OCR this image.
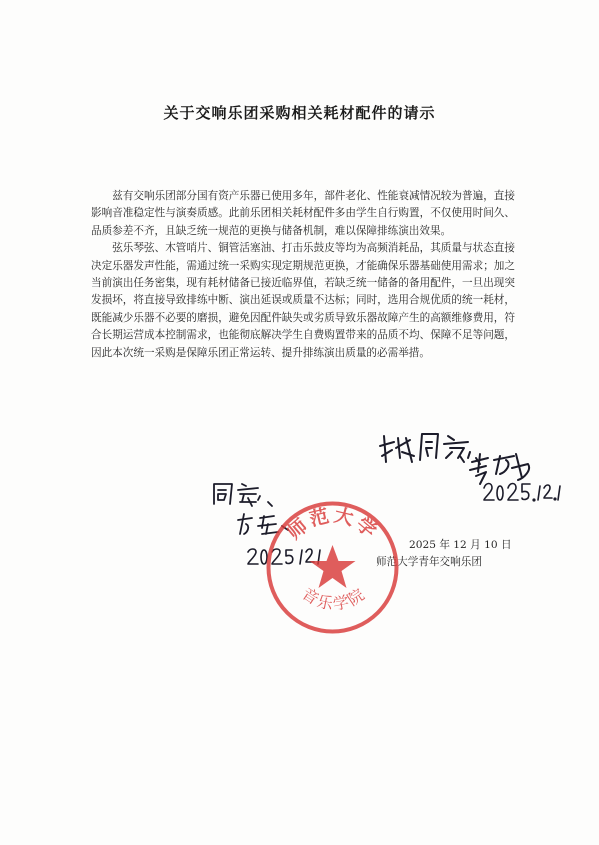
关于交响乐团采购相关耗材配件的请示

兹有交响乐团部分国有资产乐器已使用多年，部件老化、性能衰减情况较为普遍，直接影响音准稳定性与演奏质感。此前乐团相关耗材配件多由学生自行购置，不仅使用时间久、品质参差不齐，且缺乏统一规范的更换与储备机制，难以保障排练演出效果。

弦乐琴弦、木管哨片、铜管活塞油、打击乐鼓皮等均为高频消耗品，其质量与状态直接决定乐器发声性能，需通过统一采购实现定期规范更换，才能确保乐器基础使用需求；加之当前演出任务密集，现有耗材储备已接近临界值，若缺乏统一储备的备用配件，一旦出现突发损坏，将直接导致排练中断、演出延误或质量不达标；同时，选用合规优质的统一耗材，既能减少乐器不必要的磨损，避免因配件缺失或劣质导致乐器故障产生的高额维修费用，符合长期运营成本控制需求，也能彻底解决学生自费购置带来的品质不均、保障不足等问题，因此本次统一采购是保障乐团正常运转、提升排练演出质量的必需举措。

2025 年 12 月 10 日
师范大学青年交响乐团
师范大学
音乐学院
